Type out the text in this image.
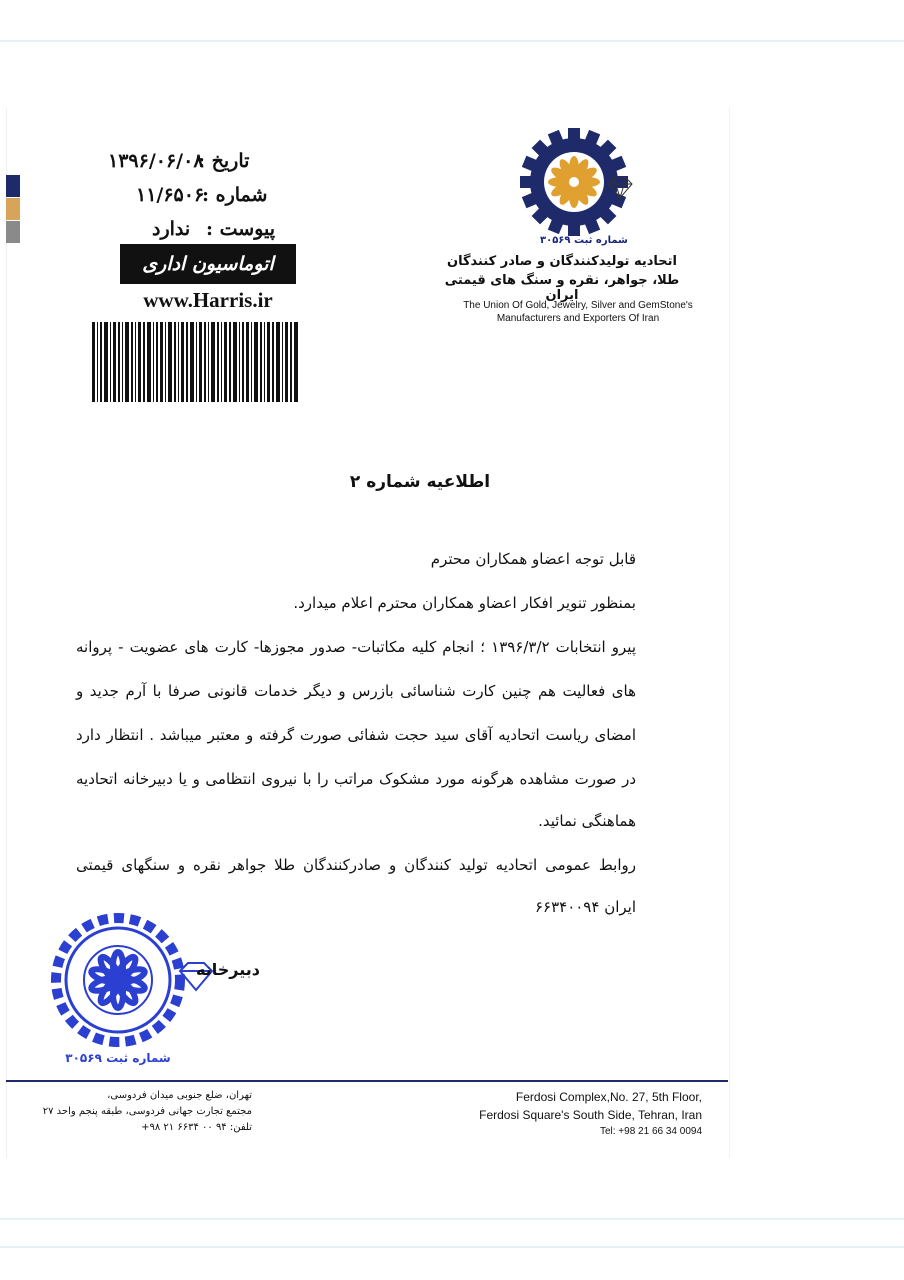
تاریخ :
۱۳۹۶/۰۶/۰۸
شماره :
۱۱/۶۵۰۶
پیوست :
ندارد
اتوماسیون اداری
www.Harris.ir
شماره ثبت ۳۰۵۶۹
اتحادیه تولیدکنندگان و صادر کنندگان
طلا، جواهر، نقره و سنگ های قیمتی ایران
The Union Of Gold, Jewelry, Silver and GemStone's
Manufacturers and Exporters Of Iran
اطلاعیه شماره ۲
قابل توجه اعضاو همکاران محترم
بمنظور تنویر افکار اعضاو همکاران محترم اعلام میدارد.
پیرو انتخابات ۱۳۹۶/۳/۲ ؛ انجام کلیه مکاتبات- صدور مجوزها- کارت های عضویت - پروانه
های فعالیت هم چنین کارت شناسائی بازرس و دیگر خدمات قانونی صرفا با آرم جدید و
امضای ریاست اتحادیه آقای سید حجت شفائی صورت گرفته و معتبر میباشد . انتظار دارد
در صورت مشاهده هرگونه مورد مشکوک مراتب را با نیروی انتظامی و یا دبیرخانه اتحادیه
هماهنگی نمائید.
روابط عمومی اتحادیه تولید کنندگان و صادرکنندگان طلا جواهر نقره و سنگهای قیمتی
ایران ۶۶۳۴۰۰۹۴
شماره ثبت ۳۰۵۶۹
دبیرخانه
Ferdosi Complex,No. 27, 5th Floor,
Ferdosi Square's South Side, Tehran, Iran
Tel: +98 21 66 34 0094
تهران، ضلع جنوبی میدان فردوسی،
مجتمع تجارت جهانی فردوسی، طبقه پنجم واحد ۲۷
تلفن: ۹۴ ۰۰ ۶۶۳۴ ۲۱ ۹۸+
